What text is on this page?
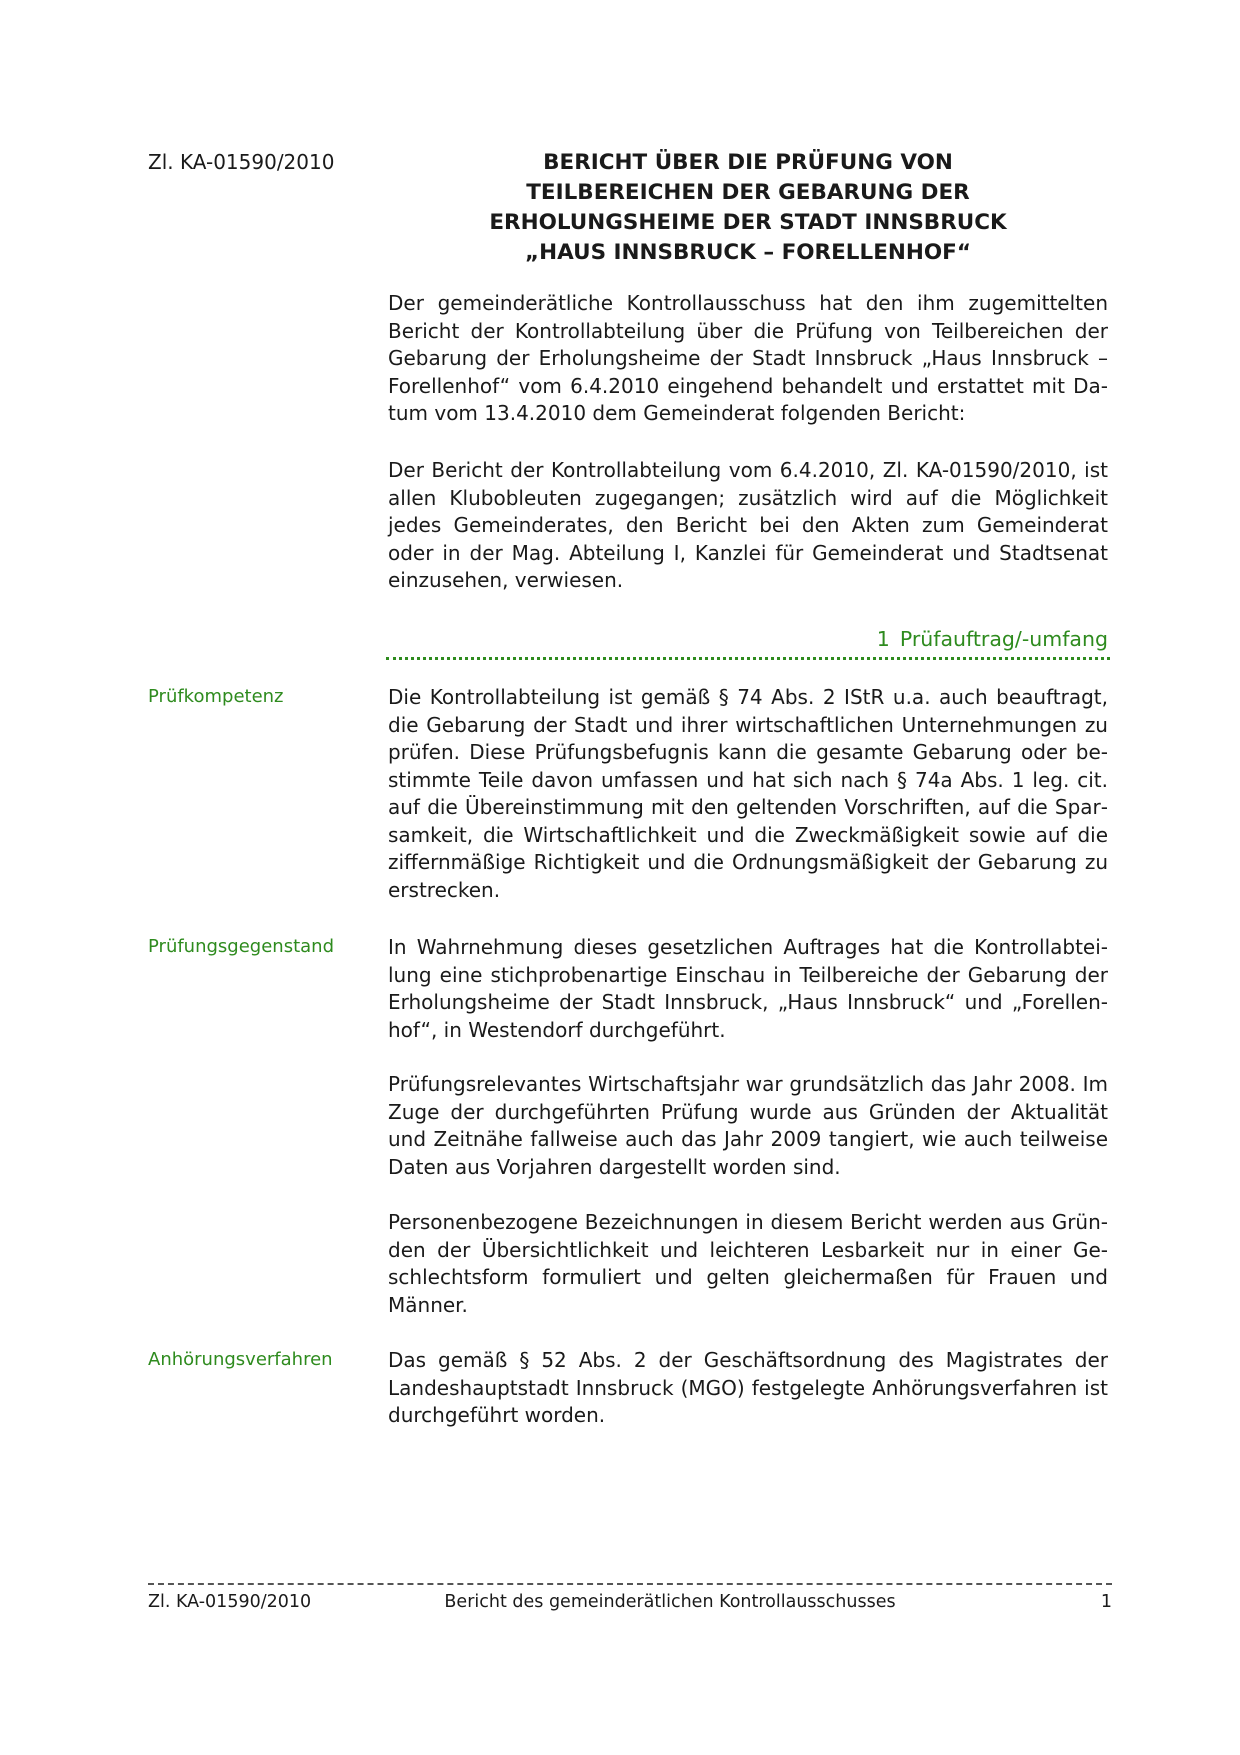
Zl. KA-01590/2010	BERICHT ÜBER DIE PRÜFUNG VON
TEILBEREICHEN DER GEBARUNG DER
ERHOLUNGSHEIME DER STADT INNSBRUCK
„HAUS INNSBRUCK – FORELLENHOF“

Der gemeinderätliche Kontrollausschuss hat den ihm zugemittelten Bericht der Kontrollabteilung über die Prüfung von Teilbereichen der Gebarung der Erholungsheime der Stadt Innsbruck „Haus Innsbruck – Forellenhof“ vom 6.4.2010 eingehend behandelt und erstattet mit Datum vom 13.4.2010 dem Gemeinderat folgenden Bericht:

Der Bericht der Kontrollabteilung vom 6.4.2010, Zl. KA-01590/2010, ist allen Klubobleuten zugegangen; zusätzlich wird auf die Möglichkeit jedes Gemeinderates, den Bericht bei den Akten zum Gemeinderat oder in der Mag. Abteilung I, Kanzlei für Gemeinderat und Stadtsenat einzusehen, verwiesen.

1 Prüfauftrag/-umfang
Prüfkompetenz	Die Kontrollabteilung ist gemäß § 74 Abs. 2 IStR u.a. auch beauftragt, die Gebarung der Stadt und ihrer wirtschaftlichen Unternehmungen zu prüfen. Diese Prüfungsbefugnis kann die gesamte Gebarung oder bestimmte Teile davon umfassen und hat sich nach § 74a Abs. 1 leg. cit. auf die Übereinstimmung mit den geltenden Vorschriften, auf die Sparsamkeit, die Wirtschaftlichkeit und die Zweckmäßigkeit sowie auf die ziffernmäßige Richtigkeit und die Ordnungsmäßigkeit der Gebarung zu erstrecken.

Prüfungsgegenstand	In Wahrnehmung dieses gesetzlichen Auftrages hat die Kontrollabteilung eine stichprobenartige Einschau in Teilbereiche der Gebarung der Erholungsheime der Stadt Innsbruck, „Haus Innsbruck“ und „Forellenhof“, in Westendorf durchgeführt.

Prüfungsrelevantes Wirtschaftsjahr war grundsätzlich das Jahr 2008. Im Zuge der durchgeführten Prüfung wurde aus Gründen der Aktualität und Zeitnähe fallweise auch das Jahr 2009 tangiert, wie auch teilweise Daten aus Vorjahren dargestellt worden sind.

Personenbezogene Bezeichnungen in diesem Bericht werden aus Gründen der Übersichtlichkeit und leichteren Lesbarkeit nur in einer Geschlechtsform formuliert und gelten gleichermaßen für Frauen und Männer.

Anhörungsverfahren	Das gemäß § 52 Abs. 2 der Geschäftsordnung des Magistrates der Landeshauptstadt Innsbruck (MGO) festgelegte Anhörungsverfahren ist durchgeführt worden.

Zl. KA-01590/2010	Bericht des gemeinderätlichen Kontrollausschusses	1
